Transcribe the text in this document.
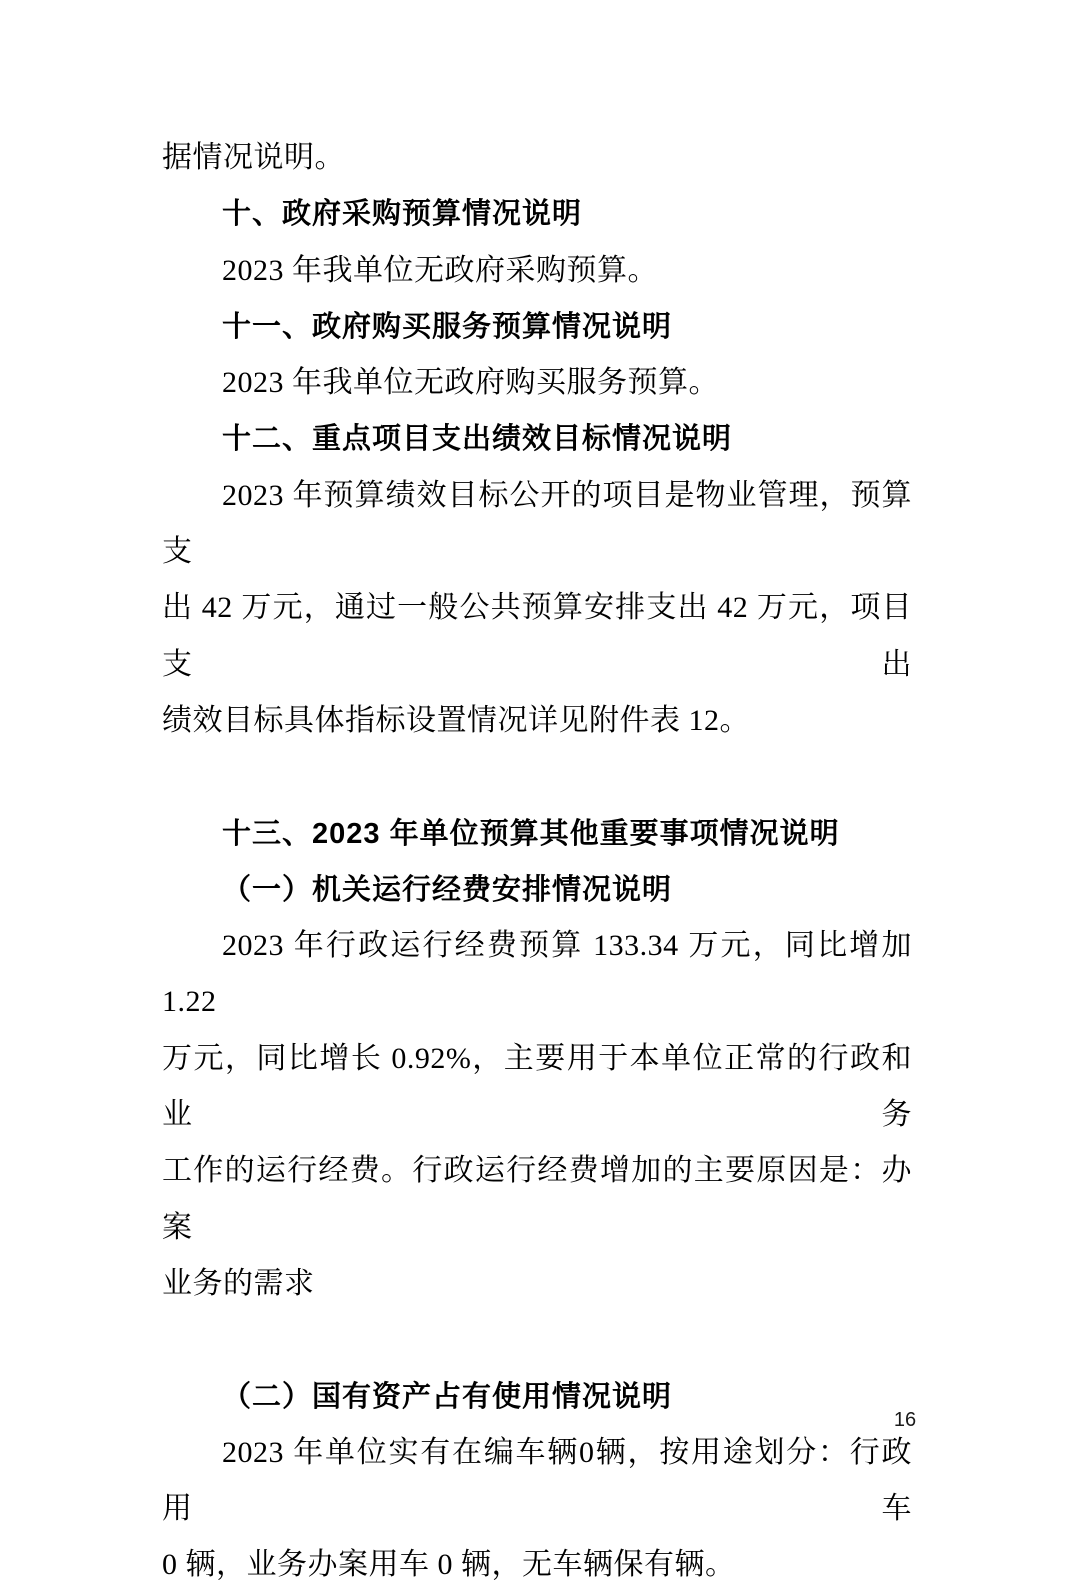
据情况说明。
十、政府采购预算情况说明
2023 年我单位无政府采购预算。
十一、政府购买服务预算情况说明
2023 年我单位无政府购买服务预算。
十二、重点项目支出绩效目标情况说明
2023 年预算绩效目标公开的项目是物业管理，预算支
出 42 万元，通过一般公共预算安排支出 42 万元，项目支出
绩效目标具体指标设置情况详见附件表 12。
十三、2023 年单位预算其他重要事项情况说明
（一）机关运行经费安排情况说明
2023 年行政运行经费预算 133.34 万元，同比增加 1.22
万元，同比增长 0.92%，主要用于本单位正常的行政和业务
工作的运行经费。行政运行经费增加的主要原因是：办案
业务的需求
（二）国有资产占有使用情况说明
2023 年单位实有在编车辆0辆，按用途划分：行政用车
0 辆，业务办案用车 0 辆，无车辆保有辆。
16
